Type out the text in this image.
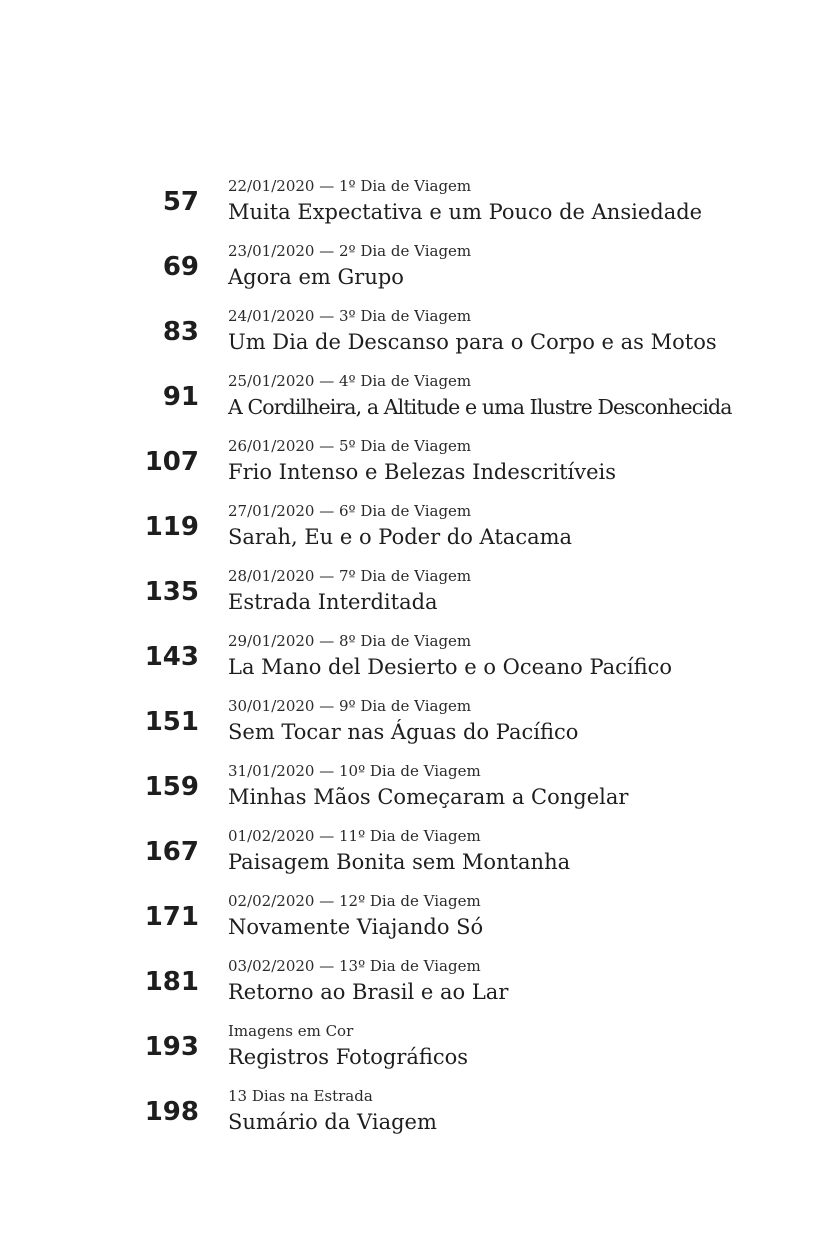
57
22/01/2020 — 1º Dia de Viagem
Muita Expectativa e um Pouco de Ansiedade
69
23/01/2020 — 2º Dia de Viagem
Agora em Grupo
83
24/01/2020 — 3º Dia de Viagem
Um Dia de Descanso para o Corpo e as Motos
91
25/01/2020 — 4º Dia de Viagem
A Cordilheira, a Altitude e uma Ilustre Desconhecida
107
26/01/2020 — 5º Dia de Viagem
Frio Intenso e Belezas Indescritíveis
119
27/01/2020 — 6º Dia de Viagem
Sarah, Eu e o Poder do Atacama
135
28/01/2020 — 7º Dia de Viagem
Estrada Interditada
143
29/01/2020 — 8º Dia de Viagem
La Mano del Desierto e o Oceano Pacífico
151
30/01/2020 — 9º Dia de Viagem
Sem Tocar nas Águas do Pacífico
159
31/01/2020 — 10º Dia de Viagem
Minhas Mãos Começaram a Congelar
167
01/02/2020 — 11º Dia de Viagem
Paisagem Bonita sem Montanha
171
02/02/2020 — 12º Dia de Viagem
Novamente Viajando Só
181
03/02/2020 — 13º Dia de Viagem
Retorno ao Brasil e ao Lar
193
Imagens em Cor
Registros Fotográficos
198
13 Dias na Estrada
Sumário da Viagem
